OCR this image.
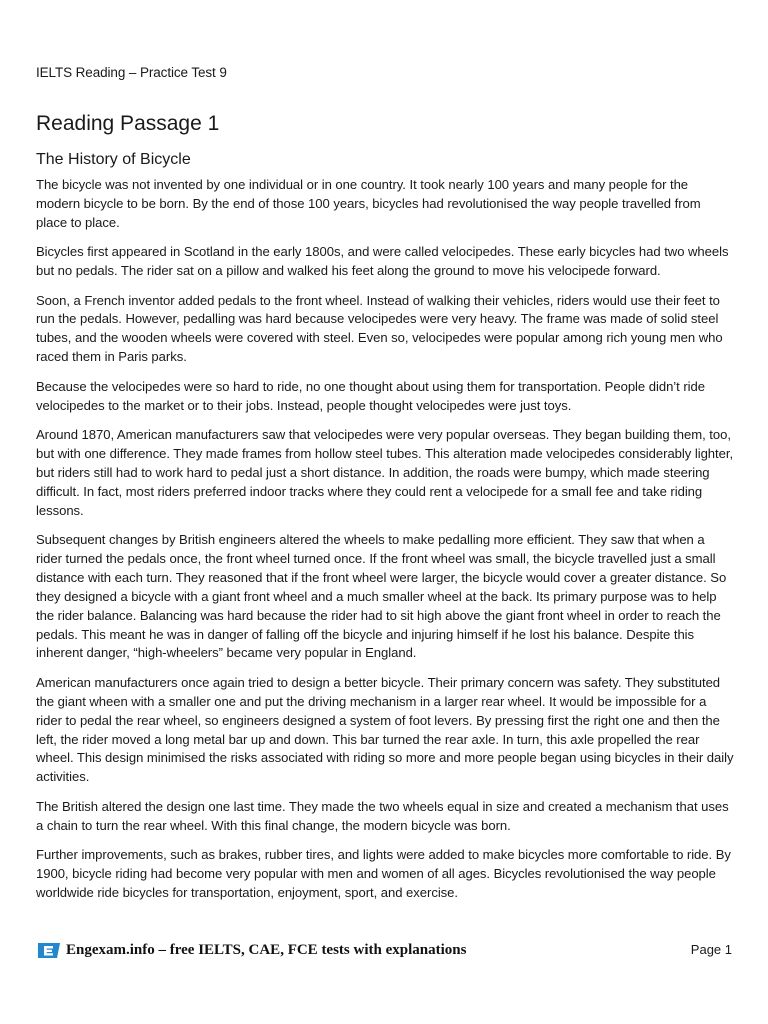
IELTS Reading – Practice Test 9
Reading Passage 1
The History of Bicycle

The bicycle was not invented by one individual or in one country. It took nearly 100 years and many people for the modern bicycle to be born. By the end of those 100 years, bicycles had revolutionised the way people travelled from place to place.

Bicycles first appeared in Scotland in the early 1800s, and were called velocipedes. These early bicycles had two wheels but no pedals. The rider sat on a pillow and walked his feet along the ground to move his velocipede forward.

Soon, a French inventor added pedals to the front wheel. Instead of walking their vehicles, riders would use their feet to run the pedals. However, pedalling was hard because velocipedes were very heavy. The frame was made of solid steel tubes, and the wooden wheels were covered with steel. Even so, velocipedes were popular among rich young men who raced them in Paris parks.

Because the velocipedes were so hard to ride, no one thought about using them for transportation. People didn’t ride velocipedes to the market or to their jobs. Instead, people thought velocipedes were just toys.

Around 1870, American manufacturers saw that velocipedes were very popular overseas. They began building them, too, but with one difference. They made frames from hollow steel tubes. This alteration made velocipedes considerably lighter, but riders still had to work hard to pedal just a short distance. In addition, the roads were bumpy, which made steering difficult. In fact, most riders preferred indoor tracks where they could rent a velocipede for a small fee and take riding lessons.

Subsequent changes by British engineers altered the wheels to make pedalling more efficient. They saw that when a rider turned the pedals once, the front wheel turned once. If the front wheel was small, the bicycle travelled just a small distance with each turn. They reasoned that if the front wheel were larger, the bicycle would cover a greater distance. So they designed a bicycle with a giant front wheel and a much smaller wheel at the back. Its primary purpose was to help the rider balance. Balancing was hard because the rider had to sit high above the giant front wheel in order to reach the pedals. This meant he was in danger of falling off the bicycle and injuring himself if he lost his balance. Despite this inherent danger, “high-wheelers” became very popular in England.

American manufacturers once again tried to design a better bicycle. Their primary concern was safety. They substituted the giant wheen with a smaller one and put the driving mechanism in a larger rear wheel. It would be impossible for a rider to pedal the rear wheel, so engineers designed a system of foot levers. By pressing first the right one and then the left, the rider moved a long metal bar up and down. This bar turned the rear axle. In turn, this axle propelled the rear wheel. This design minimised the risks associated with riding so more and more people began using bicycles in their daily activities.

The British altered the design one last time. They made the two wheels equal in size and created a mechanism that uses a chain to turn the rear wheel. With this final change, the modern bicycle was born.

Further improvements, such as brakes, rubber tires, and lights were added to make bicycles more comfortable to ride. By 1900, bicycle riding had become very popular with men and women of all ages. Bicycles revolutionised the way people worldwide ride bicycles for transportation, enjoyment, sport, and exercise.

Engexam.info – free IELTS, CAE, FCE tests with explanations	Page 1
